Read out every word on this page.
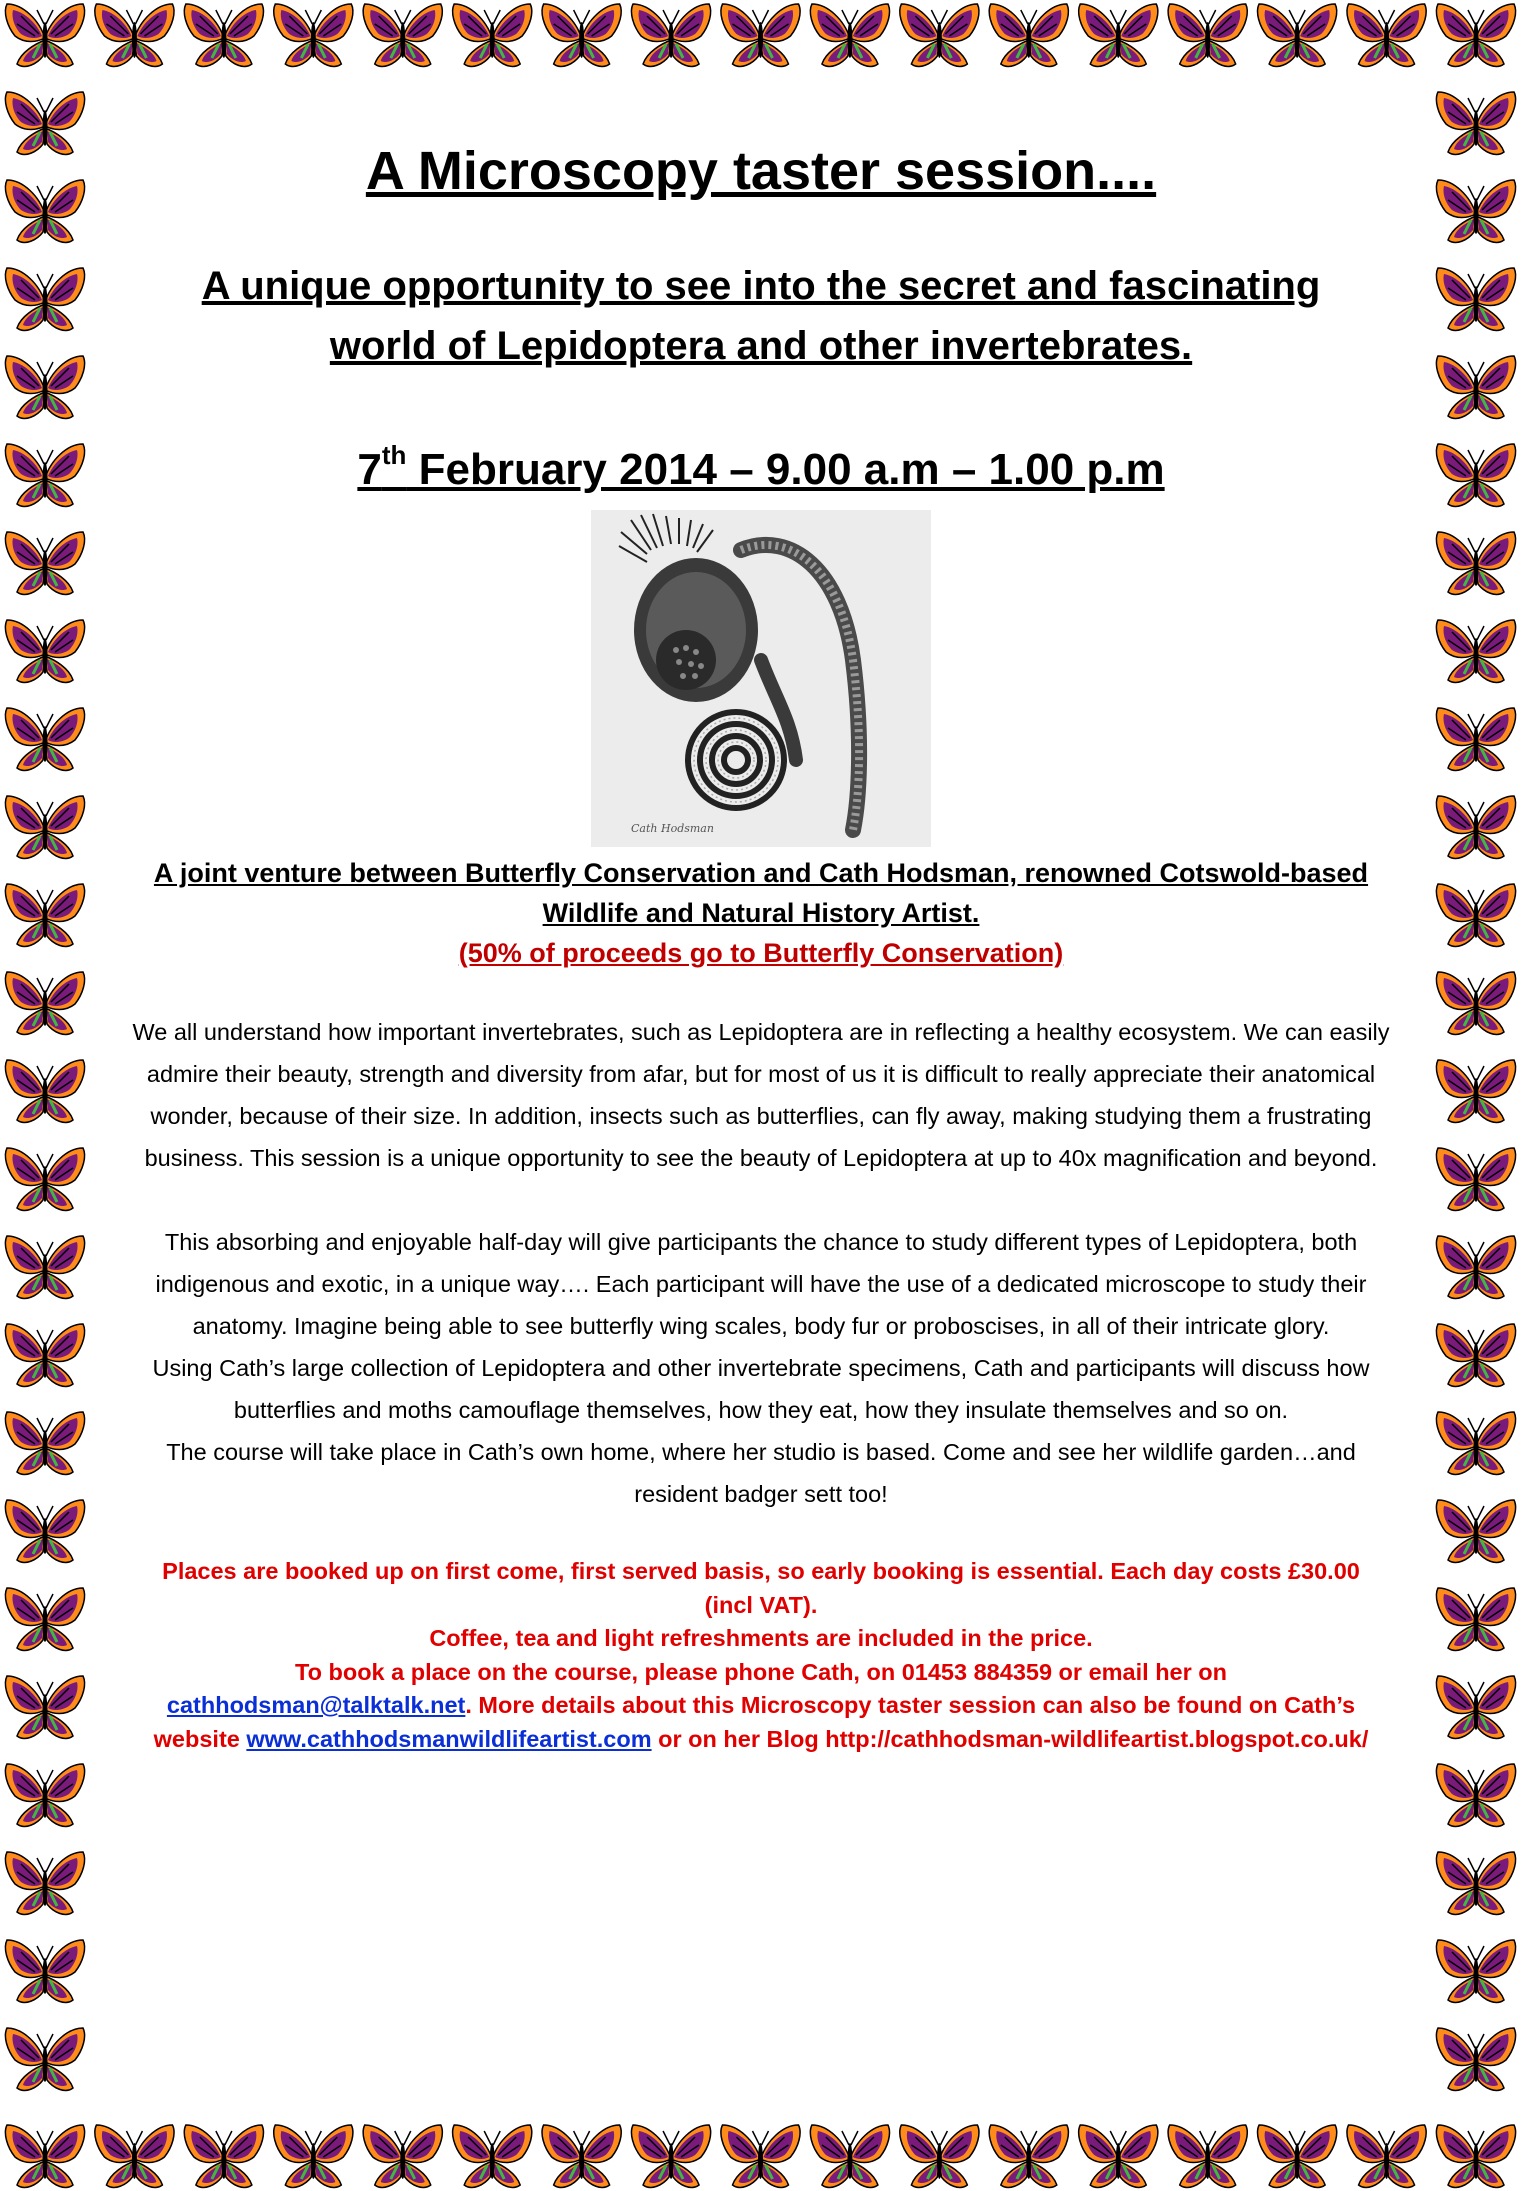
A Microscopy taster session....
A unique opportunity to see into the secret and fascinating world of Lepidoptera and other invertebrates.
7th February 2014 – 9.00 a.m – 1.00 p.m
Cath Hodsman
A joint venture between Butterfly Conservation and Cath Hodsman, renowned Cotswold-based Wildlife and Natural History Artist.
(50% of proceeds go to Butterfly Conservation)

We all understand how important invertebrates, such as Lepidoptera are in reflecting a healthy ecosystem. We can easily admire their beauty, strength and diversity from afar, but for most of us it is difficult to really appreciate their anatomical wonder, because of their size. In addition, insects such as butterflies, can fly away, making studying them a frustrating business. This session is a unique opportunity to see the beauty of Lepidoptera at up to 40x magnification and beyond.

This absorbing and enjoyable half-day will give participants the chance to study different types of Lepidoptera, both indigenous and exotic, in a unique way…. Each participant will have the use of a dedicated microscope to study their anatomy. Imagine being able to see butterfly wing scales, body fur or proboscises, in all of their intricate glory.

Using Cath’s large collection of Lepidoptera and other invertebrate specimens, Cath and participants will discuss how butterflies and moths camouflage themselves, how they eat, how they insulate themselves and so on.

The course will take place in Cath’s own home, where her studio is based. Come and see her wildlife garden…and resident badger sett too!

Places are booked up on first come, first served basis, so early booking is essential. Each day costs £30.00 (incl VAT).

Coffee, tea and light refreshments are included in the price.

To book a place on the course, please phone Cath, on 01453 884359 or email her on cathhodsman@talktalk.net. More details about this Microscopy taster session can also be found on Cath’s website www.cathhodsmanwildlifeartist.com or on her Blog http://cathhodsman-wildlifeartist.blogspot.co.uk/
